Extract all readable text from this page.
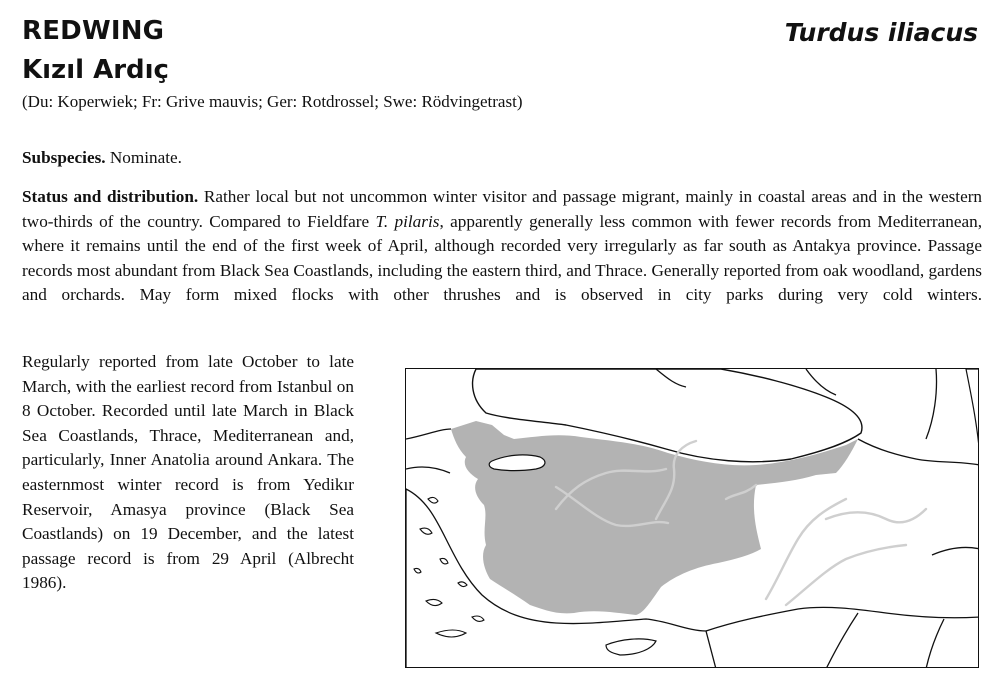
REDWING
Kızıl Ardıç
Turdus iliacus
(Du: Koperwiek; Fr: Grive mauvis; Ger: Rotdrossel; Swe: Rödvingetrast)

Subspecies. Nominate.

Status and distribution. Rather local but not uncommon winter visitor and passage migrant, mainly in coastal areas and in the western two-thirds of the country. Compared to Fieldfare T. pilaris, apparently generally less common with fewer records from Mediterranean, where it remains until the end of the first week of April, although recorded very irregularly as far south as Antakya province. Passage records most abundant from Black Sea Coastlands, including the eastern third, and Thrace. Generally reported from oak woodland, gardens and orchards. May form mixed flocks with other thrushes and is observed in city parks during very cold winters.

Regularly reported from late October to late March, with the earliest record from Istanbul on 8 October. Recorded until late March in Black Sea Coastlands, Thrace, Mediterranean and, particularly, Inner Anatolia around Ankara. The easternmost winter record is from Yedikır Reservoir, Amasya province (Black Sea Coastlands) on 19 December, and the latest passage record is from 29 April (Albrecht 1986).
